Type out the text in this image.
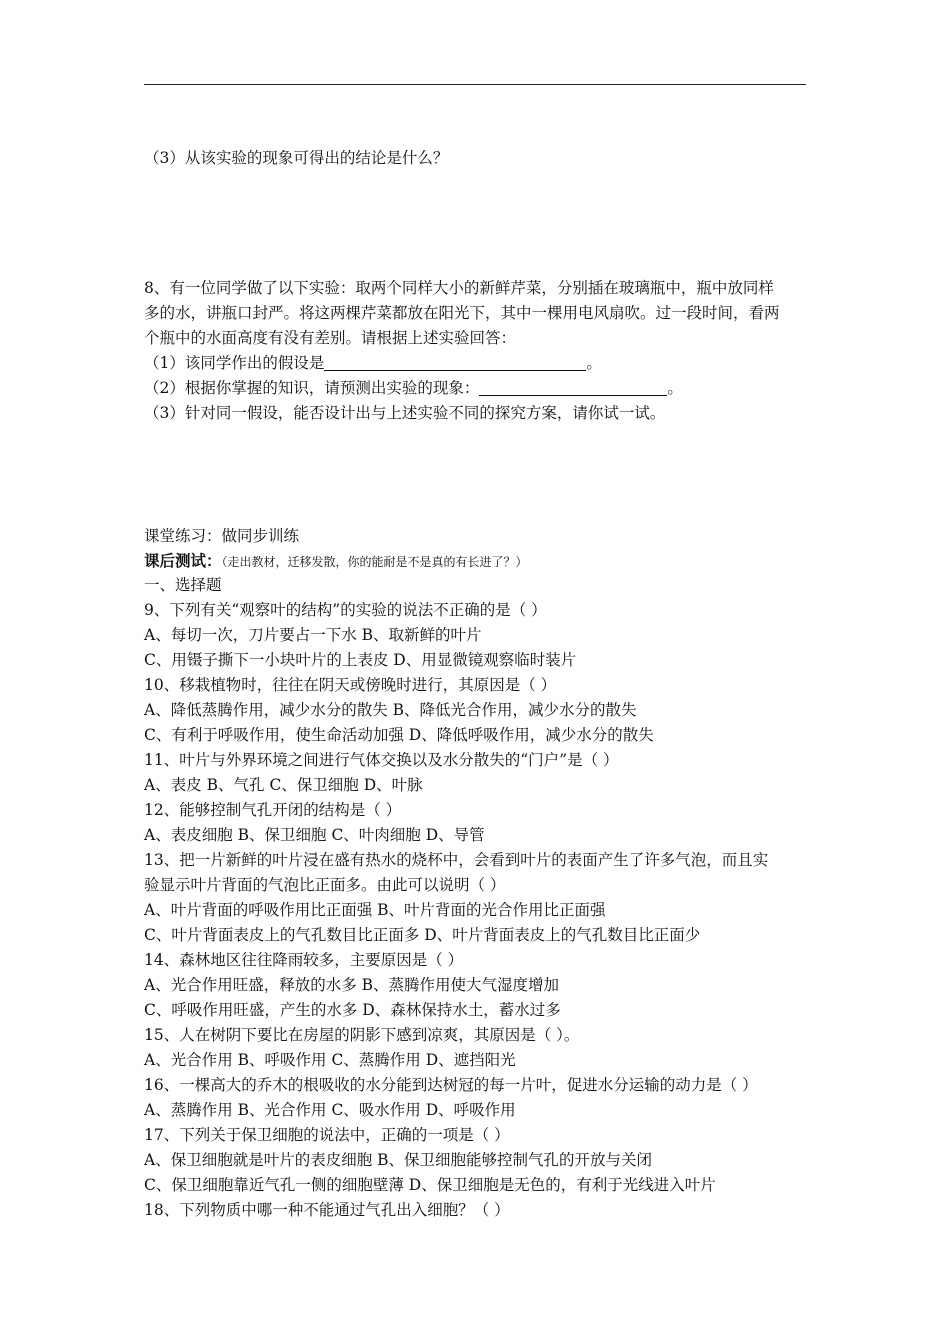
（3）从该实验的现象可得出的结论是什么？
8、有一位同学做了以下实验：取两个同样大小的新鲜芹菜，分别插在玻璃瓶中，瓶中放同样
多的水，讲瓶口封严。将这两棵芹菜都放在阳光下，其中一棵用电风扇吹。过一段时间，看两
个瓶中的水面高度有没有差别。请根据上述实验回答：
（1）该同学作出的假设是	。
（2）根据你掌握的知识，请预测出实验的现象：	。
（3）针对同一假设，能否设计出与上述实验不同的探究方案，请你试一试。
课堂练习：做同步训练
课后测试：（走出教材，迁移发散，你的能耐是不是真的有长进了？）
一、选择题
9、下列有关“观察叶的结构”的实验的说法不正确的是（ ）
A、每切一次，刀片要占一下水 B、取新鲜的叶片
C、用镊子撕下一小块叶片的上表皮 D、用显微镜观察临时装片
10、移栽植物时，往往在阴天或傍晚时进行，其原因是（ ）
A、降低蒸腾作用，减少水分的散失 B、降低光合作用，减少水分的散失
C、有利于呼吸作用，使生命活动加强 D、降低呼吸作用，减少水分的散失
11、叶片与外界环境之间进行气体交换以及水分散失的“门户”是（ ）
A、表皮 B、气孔 C、保卫细胞 D、叶脉
12、能够控制气孔开闭的结构是（ ）
A、表皮细胞 B、保卫细胞 C、叶肉细胞 D、导管
13、把一片新鲜的叶片浸在盛有热水的烧杯中，会看到叶片的表面产生了许多气泡，而且实
验显示叶片背面的气泡比正面多。由此可以说明（ ）
A、叶片背面的呼吸作用比正面强 B、叶片背面的光合作用比正面强
C、叶片背面表皮上的气孔数目比正面多 D、叶片背面表皮上的气孔数目比正面少
14、森林地区往往降雨较多，主要原因是（ ）
A、光合作用旺盛，释放的水多 B、蒸腾作用使大气湿度增加
C、呼吸作用旺盛，产生的水多 D、森林保持水土，蓄水过多
15、人在树阴下要比在房屋的阴影下感到凉爽，其原因是（ ）。
A、光合作用 B、呼吸作用 C、蒸腾作用 D、遮挡阳光
16、一棵高大的乔木的根吸收的水分能到达树冠的每一片叶，促进水分运输的动力是（ ）
A、蒸腾作用 B、光合作用 C、吸水作用 D、呼吸作用
17、下列关于保卫细胞的说法中，正确的一项是（ ）
A、保卫细胞就是叶片的表皮细胞 B、保卫细胞能够控制气孔的开放与关闭
C、保卫细胞靠近气孔一侧的细胞壁薄 D、保卫细胞是无色的，有利于光线进入叶片
18、下列物质中哪一种不能通过气孔出入细胞？（ ）
